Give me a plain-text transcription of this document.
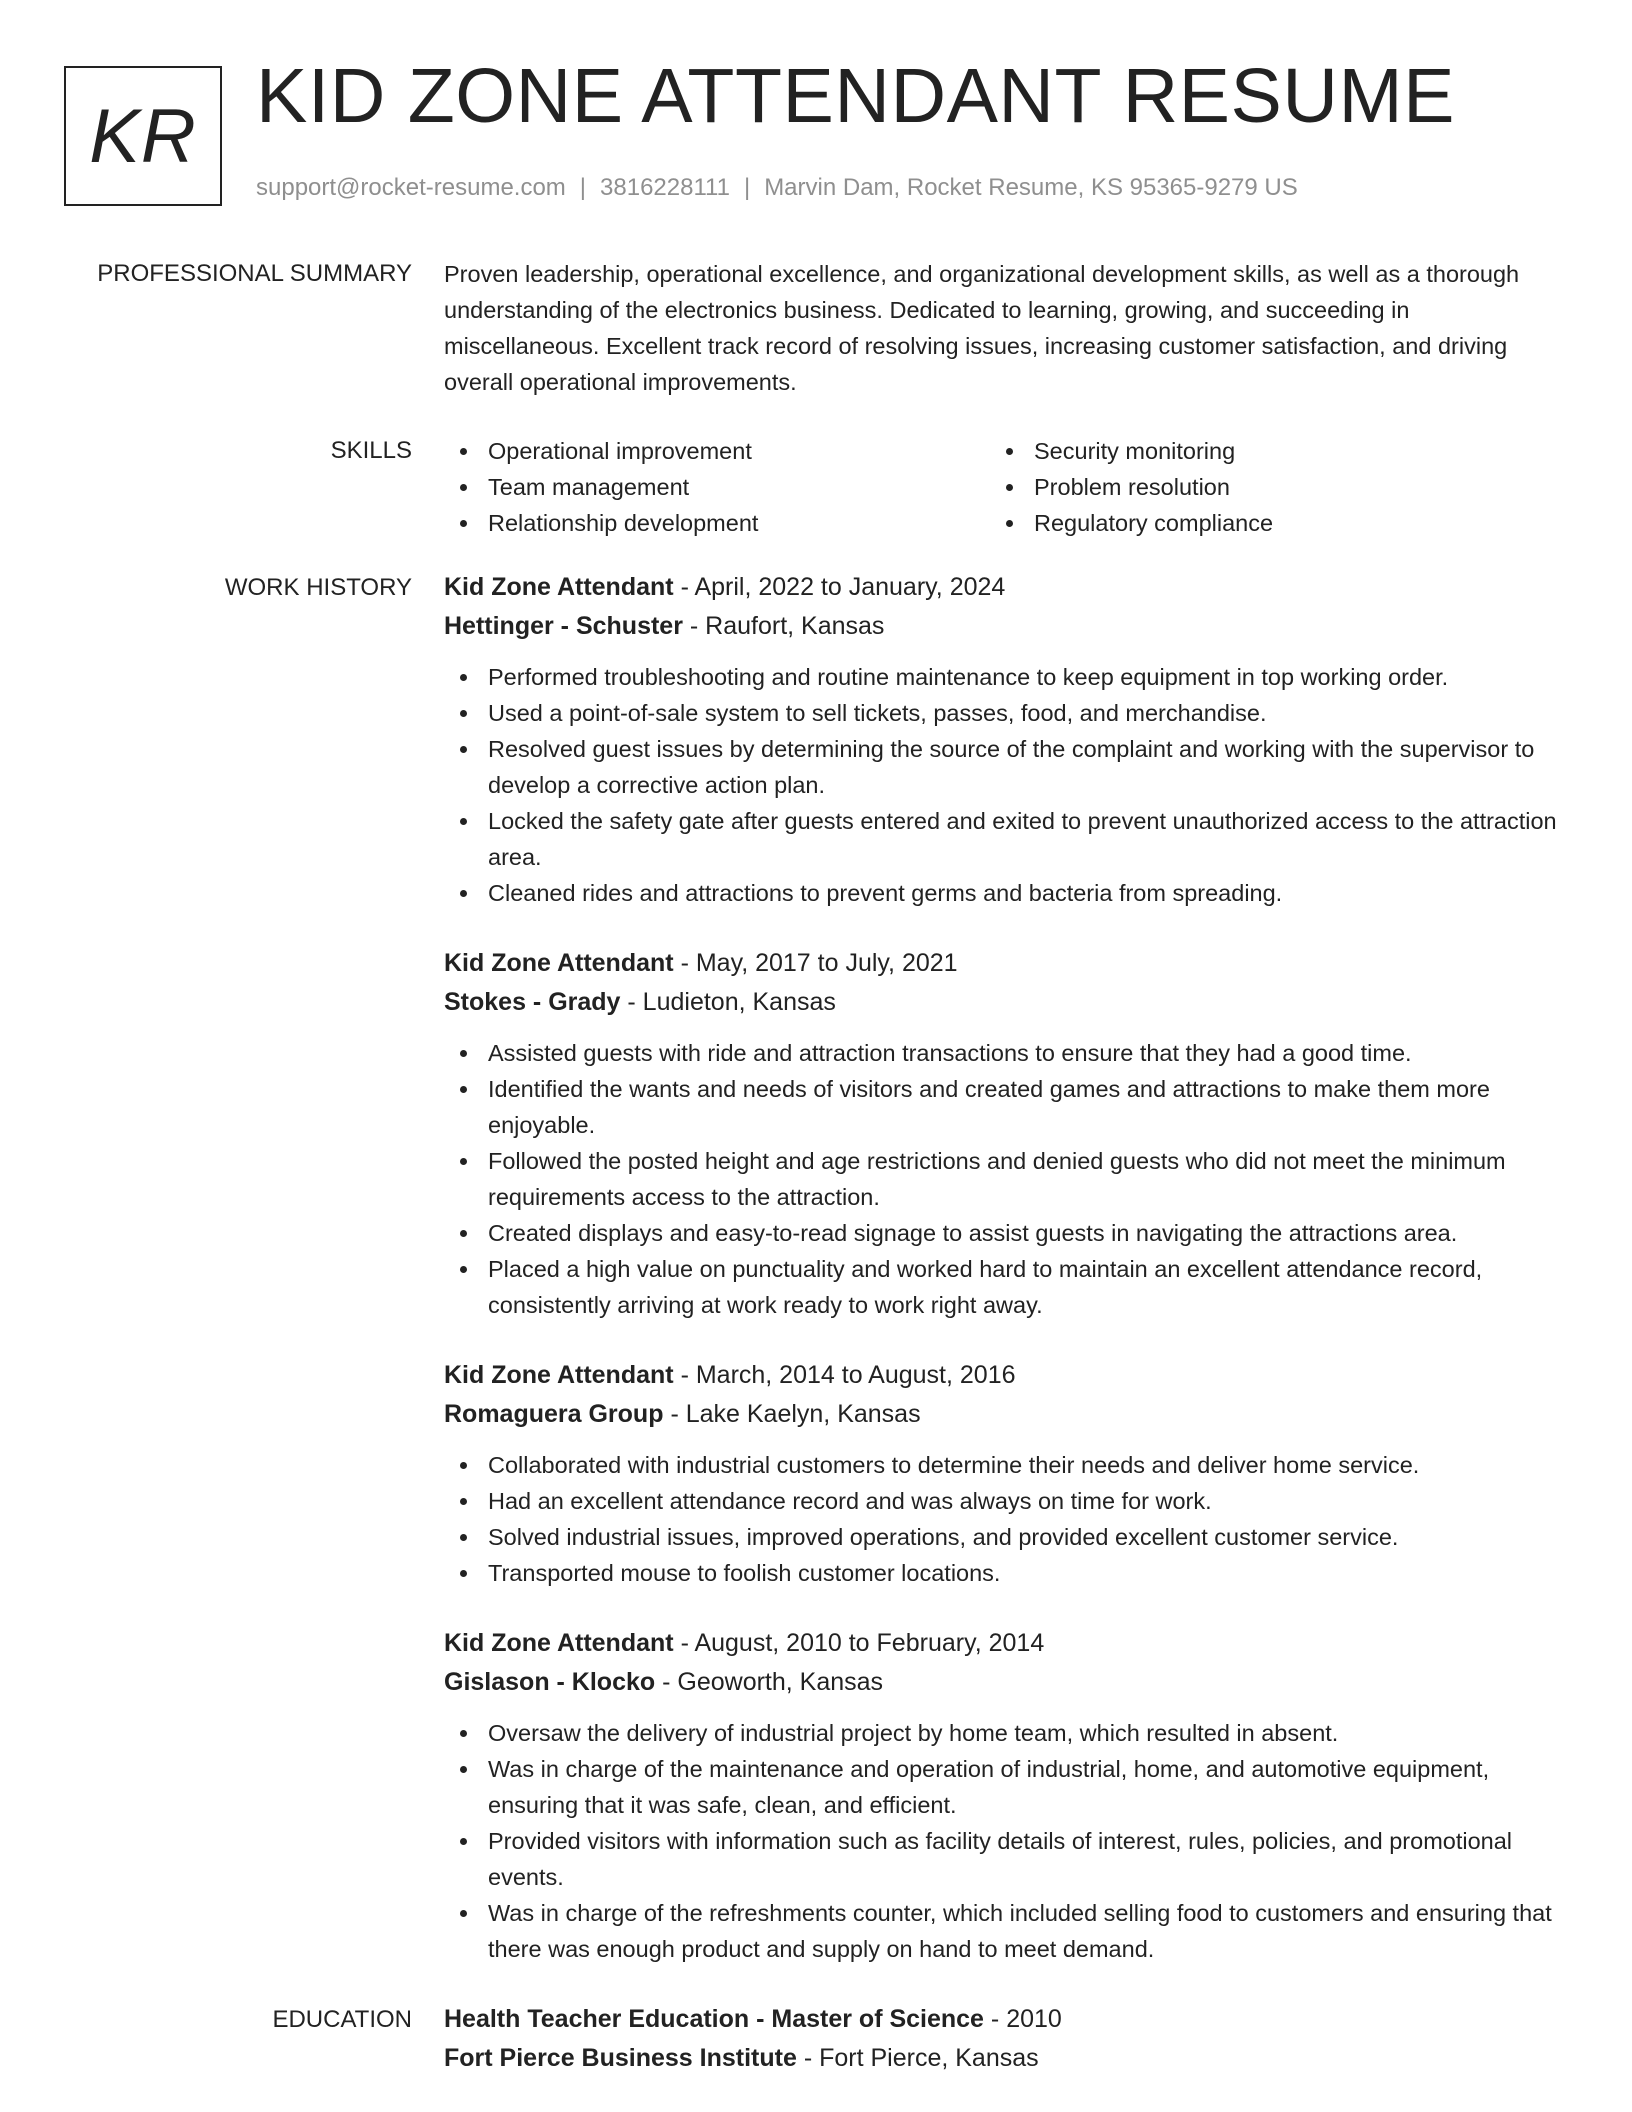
KR KID ZONE ATTENDANT RESUME
support@rocket-resume.com | 3816228111 | Marvin Dam, Rocket Resume, KS 95365-9279 US
PROFESSIONAL SUMMARY Proven leadership, operational excellence, and organizational development skills, as well as a thorough understanding of the electronics business. Dedicated to learning, growing, and succeeding in miscellaneous. Excellent track record of resolving issues, increasing customer satisfaction, and driving overall operational improvements.

SKILLS	Operational improvement	Security monitoring
Team management	Problem resolution
Relationship development	Regulatory compliance
WORK HISTORY Kid Zone Attendant - April, 2022 to January, 2024
Hettinger - Schuster - Raufort, Kansas
Performed troubleshooting and routine maintenance to keep equipment in top working order.
Used a point-of-sale system to sell tickets, passes, food, and merchandise.
Resolved guest issues by determining the source of the complaint and working with the supervisor to develop a corrective action plan.
Locked the safety gate after guests entered and exited to prevent unauthorized access to the attraction area.
Cleaned rides and attractions to prevent germs and bacteria from spreading.
Kid Zone Attendant - May, 2017 to July, 2021
Stokes - Grady - Ludieton, Kansas
Assisted guests with ride and attraction transactions to ensure that they had a good time.
Identified the wants and needs of visitors and created games and attractions to make them more enjoyable.
Followed the posted height and age restrictions and denied guests who did not meet the minimum requirements access to the attraction.
Created displays and easy-to-read signage to assist guests in navigating the attractions area.
Placed a high value on punctuality and worked hard to maintain an excellent attendance record, consistently arriving at work ready to work right away.
Kid Zone Attendant - March, 2014 to August, 2016
Romaguera Group - Lake Kaelyn, Kansas
Collaborated with industrial customers to determine their needs and deliver home service.
Had an excellent attendance record and was always on time for work.
Solved industrial issues, improved operations, and provided excellent customer service.
Transported mouse to foolish customer locations.
Kid Zone Attendant - August, 2010 to February, 2014
Gislason - Klocko - Geoworth, Kansas
Oversaw the delivery of industrial project by home team, which resulted in absent.
Was in charge of the maintenance and operation of industrial, home, and automotive equipment, ensuring that it was safe, clean, and efficient.
Provided visitors with information such as facility details of interest, rules, policies, and promotional events.
Was in charge of the refreshments counter, which included selling food to customers and ensuring that there was enough product and supply on hand to meet demand.
EDUCATION Health Teacher Education - Master of Science - 2010
Fort Pierce Business Institute - Fort Pierce, Kansas
